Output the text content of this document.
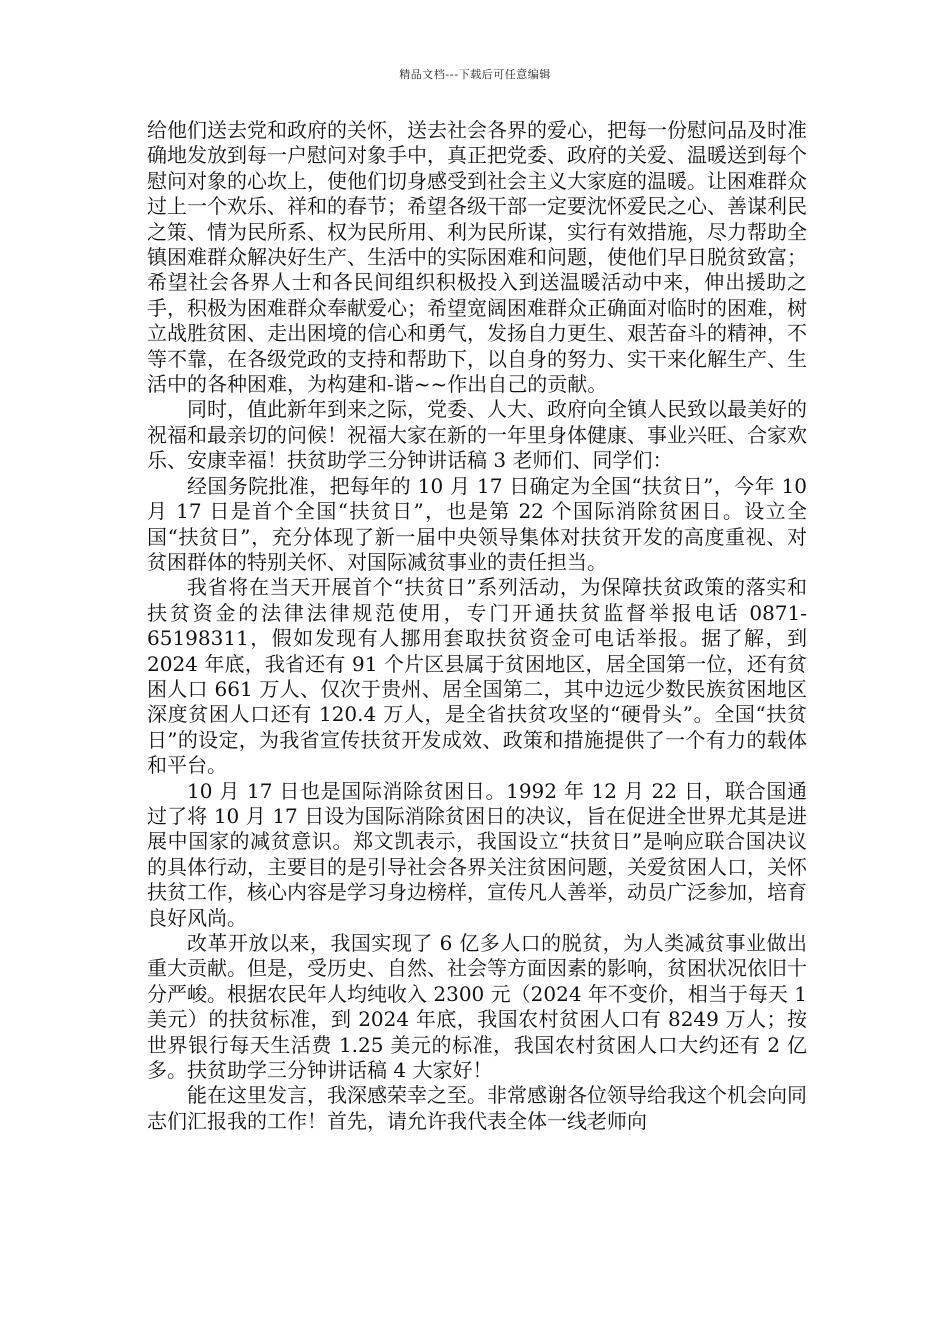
精品文档---下载后可任意编辑

给他们送去党和政府的关怀，送去社会各界的爱心，把每一份慰问品及时准确地发放到每一户慰问对象手中，真正把党委、政府的关爱、温暖送到每个慰问对象的心坎上，使他们切身感受到社会主义大家庭的温暖。让困难群众过上一个欢乐、祥和的春节；希望各级干部一定要沈怀爱民之心、善谋利民之策、情为民所系、权为民所用、利为民所谋，实行有效措施，尽力帮助全镇困难群众解决好生产、生活中的实际困难和问题，使他们早日脱贫致富；希望社会各界人士和各民间组织积极投入到送温暖活动中来，伸出援助之手，积极为困难群众奉献爱心；希望宽阔困难群众正确面对临时的困难，树立战胜贫困、走出困境的信心和勇气，发扬自力更生、艰苦奋斗的精神，不等不靠，在各级党政的支持和帮助下，以自身的努力、实干来化解生产、生活中的各种困难，为构建和-谐~~作出自己的贡献。

同时，值此新年到来之际，党委、人大、政府向全镇人民致以最美好的祝福和最亲切的问候！祝福大家在新的一年里身体健康、事业兴旺、合家欢乐、安康幸福！扶贫助学三分钟讲话稿 3 老师们、同学们：

经国务院批准，把每年的 10 月 17 日确定为全国“扶贫日”，今年 10 月 17 日是首个全国“扶贫日”，也是第 22 个国际消除贫困日。设立全国“扶贫日”，充分体现了新一届中央领导集体对扶贫开发的高度重视、对贫困群体的特别关怀、对国际减贫事业的责任担当。

我省将在当天开展首个“扶贫日”系列活动，为保障扶贫政策的落实和扶贫资金的法律法律规范使用，专门开通扶贫监督举报电话 0871-65198311，假如发现有人挪用套取扶贫资金可电话举报。据了解，到 2024 年底，我省还有 91 个片区县属于贫困地区，居全国第一位，还有贫困人口 661 万人、仅次于贵州、居全国第二，其中边远少数民族贫困地区深度贫困人口还有 120.4 万人，是全省扶贫攻坚的“硬骨头”。全国“扶贫日”的设定，为我省宣传扶贫开发成效、政策和措施提供了一个有力的载体和平台。

10 月 17 日也是国际消除贫困日。1992 年 12 月 22 日，联合国通过了将 10 月 17 日设为国际消除贫困日的决议，旨在促进全世界尤其是进展中国家的减贫意识。郑文凯表示，我国设立“扶贫日”是响应联合国决议的具体行动，主要目的是引导社会各界关注贫困问题，关爱贫困人口，关怀扶贫工作，核心内容是学习身边榜样，宣传凡人善举，动员广泛参加，培育良好风尚。

改革开放以来，我国实现了 6 亿多人口的脱贫，为人类减贫事业做出重大贡献。但是，受历史、自然、社会等方面因素的影响，贫困状况依旧十分严峻。根据农民年人均纯收入 2300 元（2024 年不变价，相当于每天 1 美元）的扶贫标准，到 2024 年底，我国农村贫困人口有 8249 万人；按世界银行每天生活费 1.25 美元的标准，我国农村贫困人口大约还有 2 亿多。扶贫助学三分钟讲话稿 4 大家好！

能在这里发言，我深感荣幸之至。非常感谢各位领导给我这个机会向同志们汇报我的工作！首先，请允许我代表全体一线老师向
